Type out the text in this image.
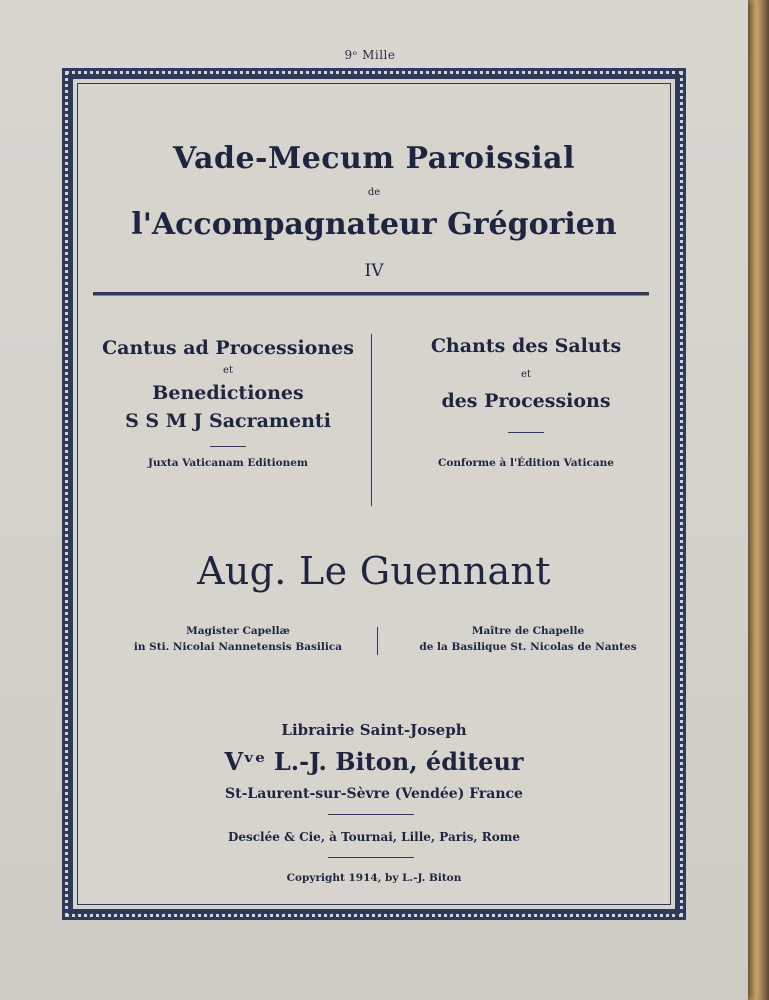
9ᵉ Mille
Vade-Mecum Paroissial
de
l'Accompagnateur Grégorien
IV
Cantus ad Processiones
et
Benedictiones
S S M J Sacramenti
Juxta Vaticanam Editionem
Chants des Saluts
et
des Processions
Conforme à l'Édition Vaticane
Aug. Le Guennant
Magister Capellæ
in Sti. Nicolai Nannetensis Basilica
Maître de Chapelle
de la Basilique St. Nicolas de Nantes
Librairie Saint-Joseph
Vᵛᵉ L.-J. Biton, éditeur
St-Laurent-sur-Sèvre (Vendée) France
Desclée & Cie, à Tournai, Lille, Paris, Rome
Copyright 1914, by L.-J. Biton
